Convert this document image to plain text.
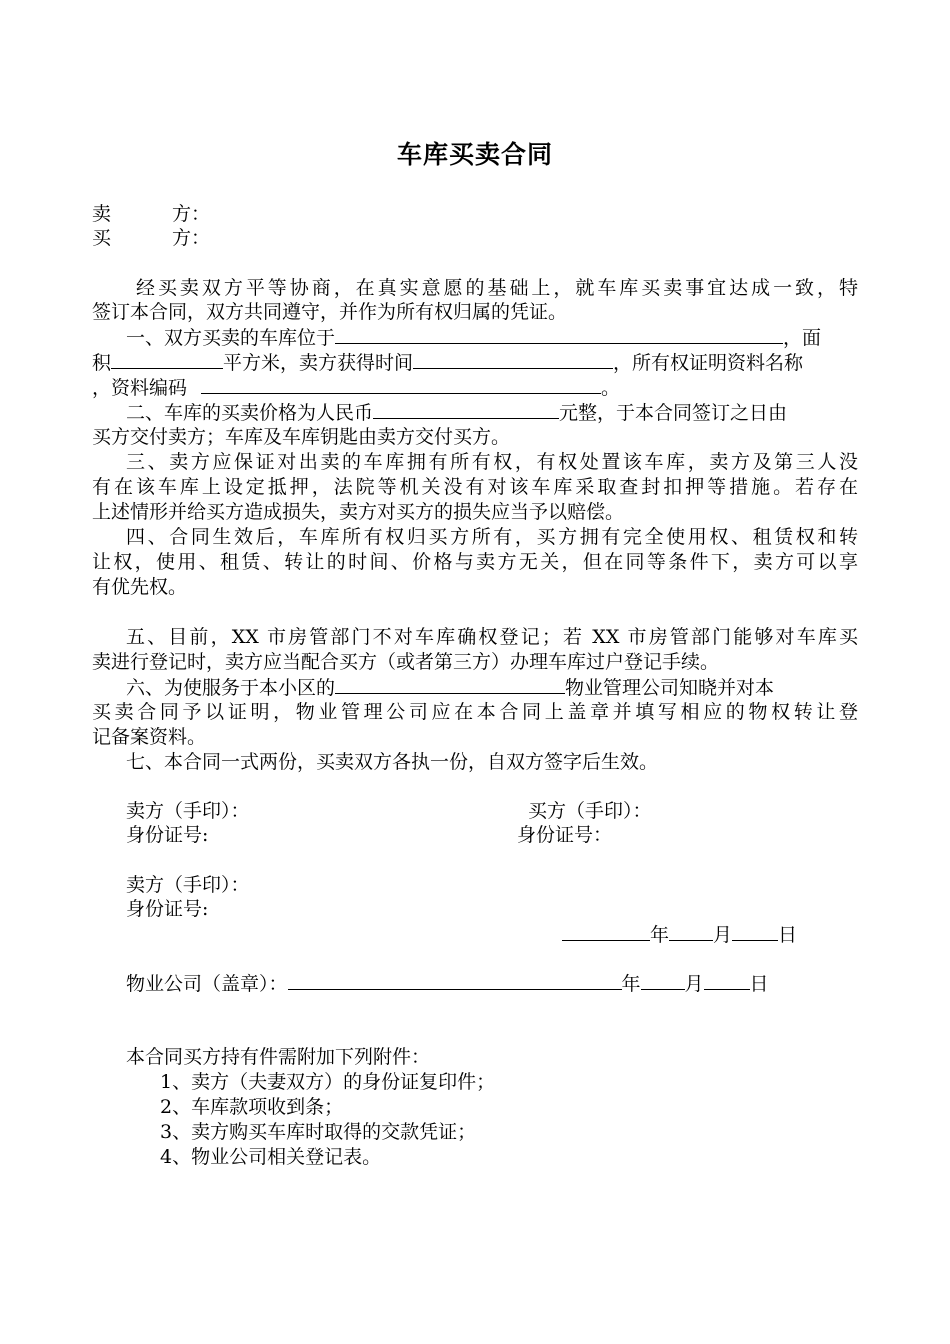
车库买卖合同
卖	方：
买	方：
经买卖双方平等协商，在真实意愿的基础上，就车库买卖事宜达成一致，特
签订本合同，双方共同遵守，并作为所有权归属的凭证。
一、双方买卖的车库位于	，面
积	平方米，卖方获得时间	，所有权证明资料名称
，资料编码	。
二、车库的买卖价格为人民币	元整，于本合同签订之日由
买方交付卖方；车库及车库钥匙由卖方交付买方。
三、卖方应保证对出卖的车库拥有所有权，有权处置该车库，卖方及第三人没
有在该车库上设定抵押，法院等机关没有对该车库采取查封扣押等措施。若存在
上述情形并给买方造成损失，卖方对买方的损失应当予以赔偿。
四、合同生效后，车库所有权归买方所有，买方拥有完全使用权、租赁权和转
让权，使用、租赁、转让的时间、价格与卖方无关，但在同等条件下，卖方可以享
有优先权。
五、目前，XX 市房管部门不对车库确权登记；若 XX 市房管部门能够对车库买
卖进行登记时，卖方应当配合买方（或者第三方）办理车库过户登记手续。
六、为使服务于本小区的	物业管理公司知晓并对本
买卖合同予以证明，物业管理公司应在本合同上盖章并填写相应的物权转让登
记备案资料。
七、本合同一式两份，买卖双方各执一份，自双方签字后生效。
卖方（手印）：	买方（手印）：
身份证号:	身份证号：
卖方（手印）：
身份证号:
年 月 日
物业公司（盖章）：	年 月 日
本合同买方持有件需附加下列附件：
1、卖方（夫妻双方）的身份证复印件；
2、车库款项收到条；
3、卖方购买车库时取得的交款凭证；
4、物业公司相关登记表。
